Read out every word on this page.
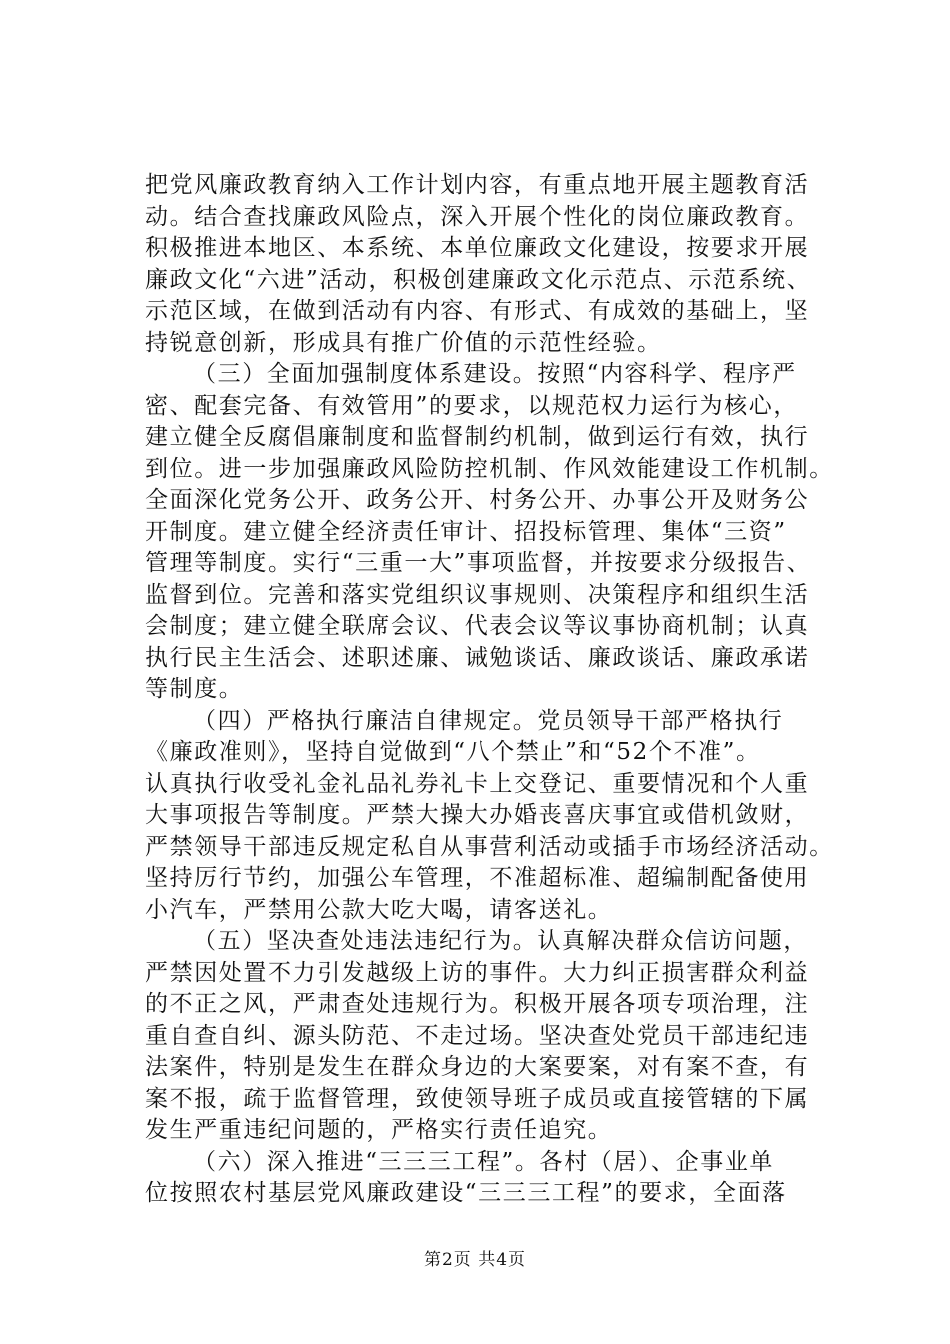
把党风廉政教育纳入工作计划内容，有重点地开展主题教育活
动。结合查找廉政风险点，深入开展个性化的岗位廉政教育。
积极推进本地区、本系统、本单位廉政文化建设，按要求开展
廉政文化“六进”活动，积极创建廉政文化示范点、示范系统、
示范区域，在做到活动有内容、有形式、有成效的基础上，坚
持锐意创新，形成具有推广价值的示范性经验。
（三）全面加强制度体系建设。按照“内容科学、程序严
密、配套完备、有效管用”的要求，以规范权力运行为核心，
建立健全反腐倡廉制度和监督制约机制，做到运行有效，执行
到位。进一步加强廉政风险防控机制、作风效能建设工作机制。
全面深化党务公开、政务公开、村务公开、办事公开及财务公
开制度。建立健全经济责任审计、招投标管理、集体“三资”
管理等制度。实行“三重一大”事项监督，并按要求分级报告、
监督到位。完善和落实党组织议事规则、决策程序和组织生活
会制度；建立健全联席会议、代表会议等议事协商机制；认真
执行民主生活会、述职述廉、诫勉谈话、廉政谈话、廉政承诺
等制度。
（四）严格执行廉洁自律规定。党员领导干部严格执行
《廉政准则》，坚持自觉做到“八个禁止”和“52个不准”。
认真执行收受礼金礼品礼券礼卡上交登记、重要情况和个人重
大事项报告等制度。严禁大操大办婚丧喜庆事宜或借机敛财，
严禁领导干部违反规定私自从事营利活动或插手市场经济活动。
坚持厉行节约，加强公车管理，不准超标准、超编制配备使用
小汽车，严禁用公款大吃大喝，请客送礼。
（五）坚决查处违法违纪行为。认真解决群众信访问题，
严禁因处置不力引发越级上访的事件。大力纠正损害群众利益
的不正之风，严肃查处违规行为。积极开展各项专项治理，注
重自查自纠、源头防范、不走过场。坚决查处党员干部违纪违
法案件，特别是发生在群众身边的大案要案，对有案不查，有
案不报，疏于监督管理，致使领导班子成员或直接管辖的下属
发生严重违纪问题的，严格实行责任追究。
（六）深入推进“三三三工程”。各村（居）、企事业单
位按照农村基层党风廉政建设“三三三工程”的要求，全面落
第2页 共4页
